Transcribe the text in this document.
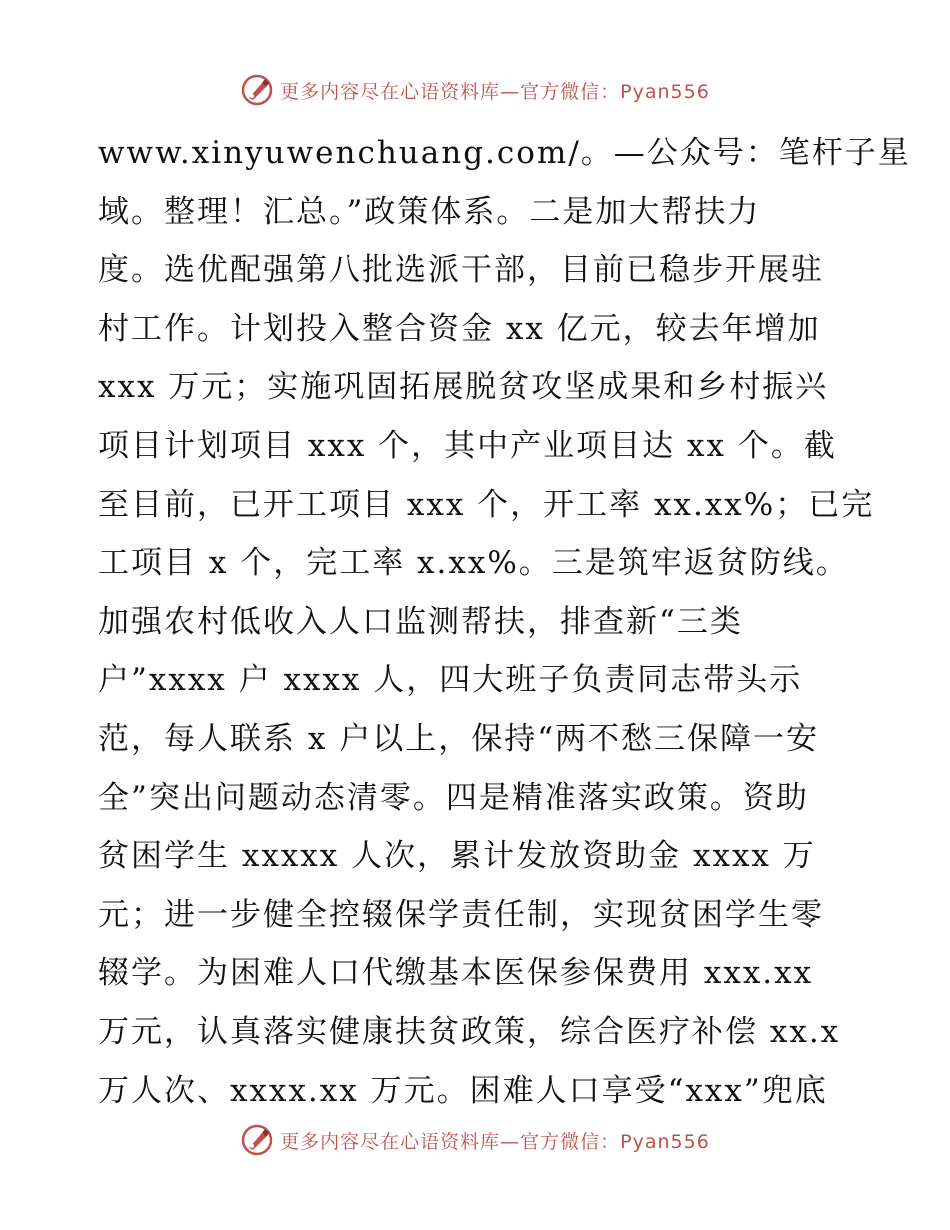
更多内容尽在心语资料库—官方微信：Pyan556
www.xinyuwenchuang.com/。—公众号：笔杆子星
域。整理！汇总。”政策体系。二是加大帮扶力
度。选优配强第八批选派干部，目前已稳步开展驻
村工作。计划投入整合资金 xx 亿元，较去年增加
xxx 万元；实施巩固拓展脱贫攻坚成果和乡村振兴
项目计划项目 xxx 个，其中产业项目达 xx 个。截
至目前，已开工项目 xxx 个，开工率 xx.xx%；已完
工项目 x 个，完工率 x.xx%。三是筑牢返贫防线。
加强农村低收入人口监测帮扶，排查新“三类
户”xxxx 户 xxxx 人，四大班子负责同志带头示
范，每人联系 x 户以上，保持“两不愁三保障一安
全”突出问题动态清零。四是精准落实政策。资助
贫困学生 xxxxx 人次，累计发放资助金 xxxx 万
元；进一步健全控辍保学责任制，实现贫困学生零
辍学。为困难人口代缴基本医保参保费用 xxx.xx
万元，认真落实健康扶贫政策，综合医疗补偿 xx.x
万人次、xxxx.xx 万元。困难人口享受“xxx”兜底
更多内容尽在心语资料库—官方微信：Pyan556
